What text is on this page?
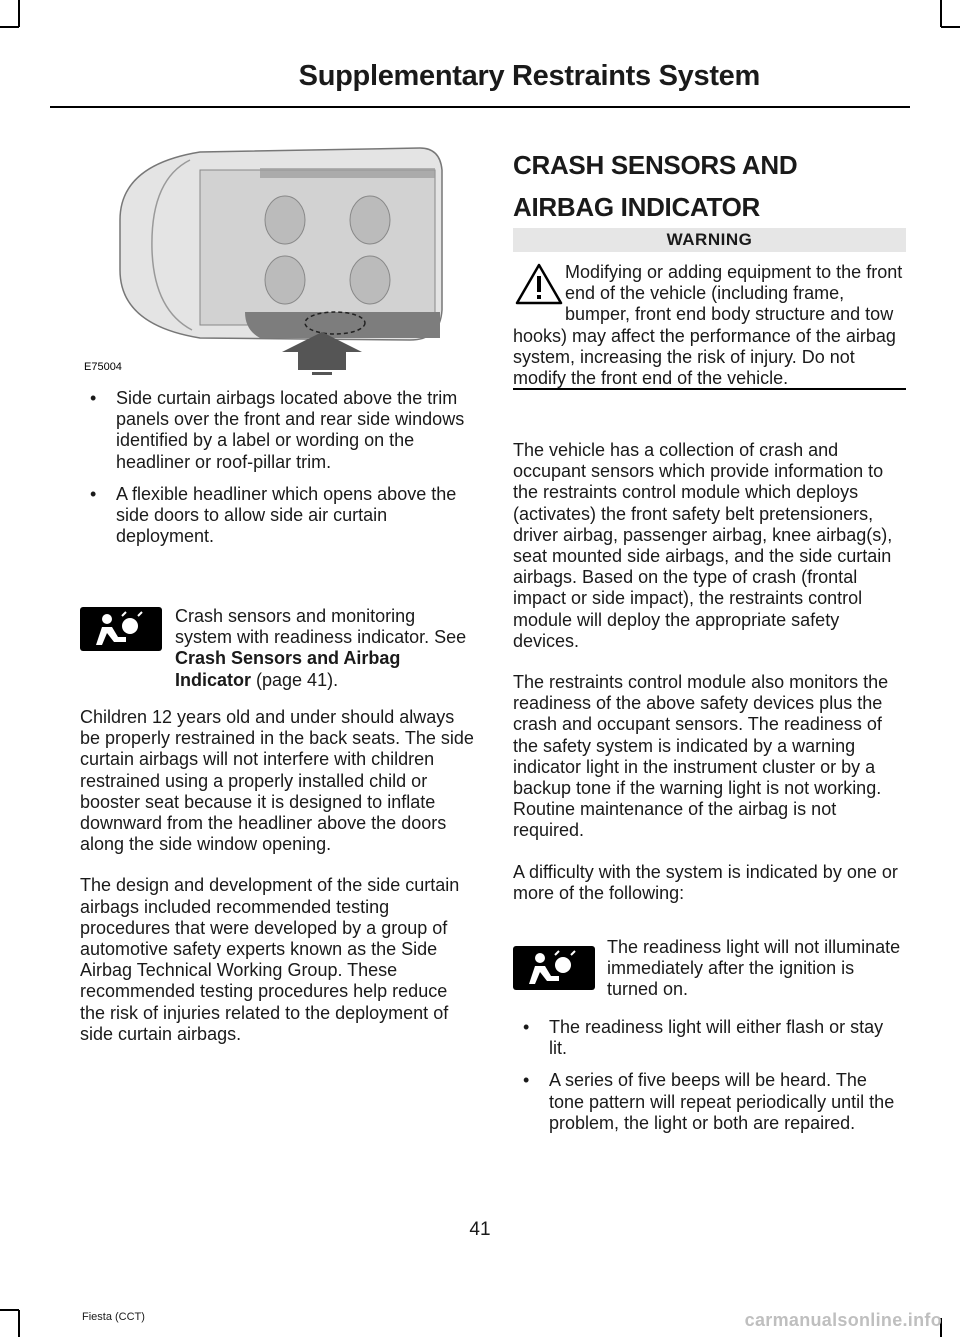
Supplementary Restraints System
E75004
• Side curtain airbags located above the trim panels over the front and rear side windows identified by a label or wording on the headliner or roof-pillar trim.
• A flexible headliner which opens above the side doors to allow side air curtain deployment.
Crash sensors and monitoring system with readiness indicator. See Crash Sensors and Airbag Indicator (page 41).

Children 12 years old and under should always be properly restrained in the back seats. The side curtain airbags will not interfere with children restrained using a properly installed child or booster seat because it is designed to inflate downward from the headliner above the doors along the side window opening.

The design and development of the side curtain airbags included recommended testing procedures that were developed by a group of automotive safety experts known as the Side Airbag Technical Working Group. These recommended testing procedures help reduce the risk of injuries related to the deployment of side curtain airbags.

CRASH SENSORS AND
AIRBAG INDICATOR
WARNING
Modifying or adding equipment to the front end of the vehicle (including frame, bumper, front end body structure and tow hooks) may affect the performance of the airbag system, increasing the risk of injury. Do not modify the front end of the vehicle.

The vehicle has a collection of crash and occupant sensors which provide information to the restraints control module which deploys (activates) the front safety belt pretensioners, driver airbag, passenger airbag, knee airbag(s), seat mounted side airbags, and the side curtain airbags. Based on the type of crash (frontal impact or side impact), the restraints control module will deploy the appropriate safety devices.

The restraints control module also monitors the readiness of the above safety devices plus the crash and occupant sensors. The readiness of the safety system is indicated by a warning indicator light in the instrument cluster or by a backup tone if the warning light is not working. Routine maintenance of the airbag is not required.

A difficulty with the system is indicated by one or more of the following:

The readiness light will not illuminate immediately after the ignition is turned on.
• The readiness light will either flash or stay lit.
• A series of five beeps will be heard. The tone pattern will repeat periodically until the problem, the light or both are repaired.
41
Fiesta (CCT)	carmanualsonline.info
